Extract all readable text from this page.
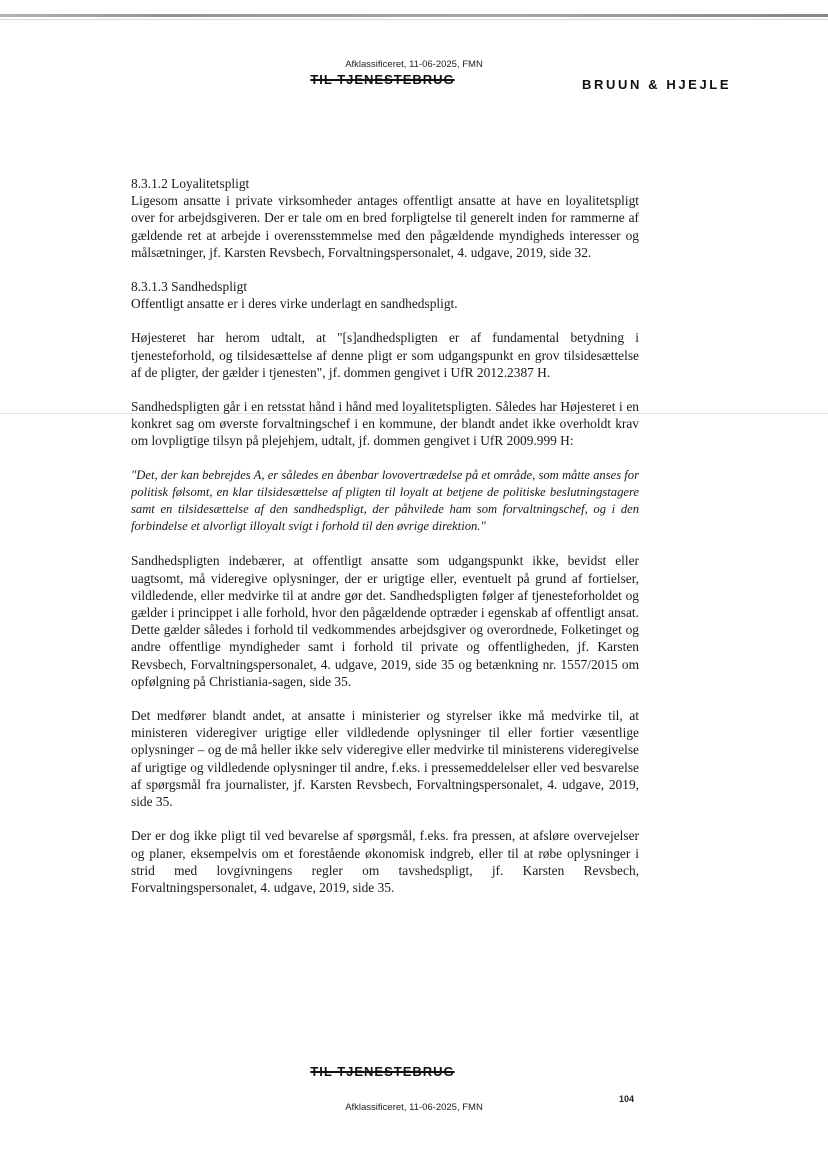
Afklassificeret, 11-06-2025, FMN
TIL TJENESTEBRUG	BRUUN & HJEJLE

8.3.1.2 Loyalitetspligt

Ligesom ansatte i private virksomheder antages offentligt ansatte at have en loyalitetspligt over for arbejdsgiveren. Der er tale om en bred forpligtelse til generelt inden for rammerne af gældende ret at arbejde i overensstemmelse med den pågældende myndigheds interesser og målsætninger, jf. Karsten Revsbech, Forvaltningspersonalet, 4. udgave, 2019, side 32.

8.3.1.3 Sandhedspligt

Offentligt ansatte er i deres virke underlagt en sandhedspligt.

Højesteret har herom udtalt, at "[s]andhedspligten er af fundamental betydning i tjenesteforhold, og tilsidesættelse af denne pligt er som udgangspunkt en grov tilsidesættelse af de pligter, der gælder i tjenesten", jf. dommen gengivet i UfR 2012.2387 H.

Sandhedspligten går i en retsstat hånd i hånd med loyalitetspligten. Således har Højesteret i en konkret sag om øverste forvaltningschef i en kommune, der blandt andet ikke overholdt krav om lovpligtige tilsyn på plejehjem, udtalt, jf. dommen gengivet i UfR 2009.999 H:

"Det, der kan bebrejdes A, er således en åbenbar lovovertrædelse på et område, som måtte anses for politisk følsomt, en klar tilsidesættelse af pligten til loyalt at betjene de politiske beslutningstagere samt en tilsidesættelse af den sandhedspligt, der påhvilede ham som forvaltningschef, og i den forbindelse et alvorligt illoyalt svigt i forhold til den øvrige direktion."

Sandhedspligten indebærer, at offentligt ansatte som udgangspunkt ikke, bevidst eller uagtsomt, må videregive oplysninger, der er urigtige eller, eventuelt på grund af fortielser, vildledende, eller medvirke til at andre gør det. Sandhedspligten følger af tjenesteforholdet og gælder i princippet i alle forhold, hvor den pågældende optræder i egenskab af offentligt ansat. Dette gælder således i forhold til vedkommendes arbejdsgiver og overordnede, Folketinget og andre offentlige myndigheder samt i forhold til private og offentligheden, jf. Karsten Revsbech, Forvaltningspersonalet, 4. udgave, 2019, side 35 og betænkning nr. 1557/2015 om opfølgning på Christiania-sagen, side 35.

Det medfører blandt andet, at ansatte i ministerier og styrelser ikke må medvirke til, at ministeren videregiver urigtige eller vildledende oplysninger til eller fortier væsentlige oplysninger – og de må heller ikke selv videregive eller medvirke til ministerens videregivelse af urigtige og vildledende oplysninger til andre, f.eks. i pressemeddelelser eller ved besvarelse af spørgsmål fra journalister, jf. Karsten Revsbech, Forvaltningspersonalet, 4. udgave, 2019, side 35.

Der er dog ikke pligt til ved bevarelse af spørgsmål, f.eks. fra pressen, at afsløre overvejelser og planer, eksempelvis om et forestående økonomisk indgreb, eller til at røbe oplysninger i strid med lovgivningens regler om tavshedspligt, jf. Karsten Revsbech, Forvaltningspersonalet, 4. udgave, 2019, side 35.

TIL TJENESTEBRUG
Afklassificeret, 11-06-2025, FMN
104
